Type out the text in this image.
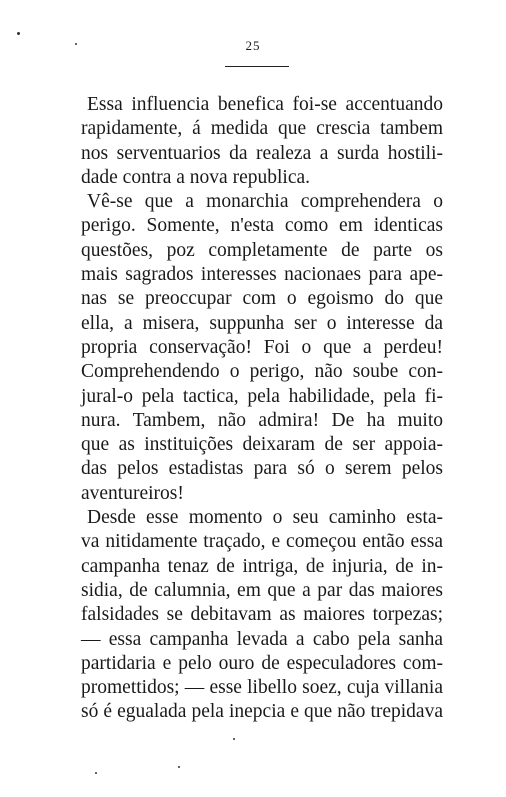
25
Essa influencia benefica foi-se accentuando
rapidamente, á medida que crescia tambem
nos serventuarios da realeza a surda hostili-
dade contra a nova republica.
Vê-se que a monarchia comprehendera o
perigo. Somente, n'esta como em identicas
questões, poz completamente de parte os
mais sagrados interesses nacionaes para ape-
nas se preoccupar com o egoismo do que
ella, a misera, suppunha ser o interesse da
propria conservação! Foi o que a perdeu!
Comprehendendo o perigo, não soube con-
jural-o pela tactica, pela habilidade, pela fi-
nura. Tambem, não admira! De ha muito
que as instituições deixaram de ser appoia-
das pelos estadistas para só o serem pelos
aventureiros!
Desde esse momento o seu caminho esta-
va nitidamente traçado, e começou então essa
campanha tenaz de intriga, de injuria, de in-
sidia, de calumnia, em que a par das maiores
falsidades se debitavam as maiores torpezas;
— essa campanha levada a cabo pela sanha
partidaria e pelo ouro de especuladores com-
promettidos; — esse libello soez, cuja villania
só é egualada pela inepcia e que não trepidava
